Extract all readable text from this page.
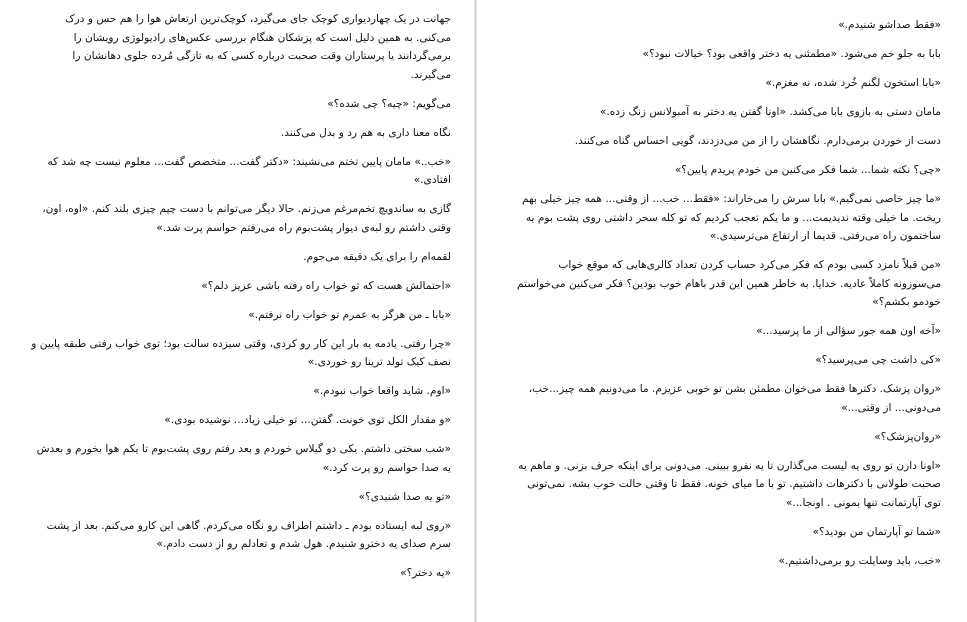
جهانت در یک چهاردیواری کوچک جای می‌گیرد، کوچک‌ترین ارتعاش هوا را هم حس و درک می‌کنی. به همین دلیل است که پزشکان هنگام بررسی عکس‌های رادیولوژی رویشان را برمی‌گردانند یا پرستاران وقت صحبت درباره کسی که به تازگی مُرده جلوی دهانشان را می‌گیرند.

می‌گویم: «چیه؟ چی شده؟»

نگاه معنا داری به هم رد و بدل می‌کنند.

«خب..» مامان پایین تختم می‌نشیند: «دکتر گفت... متخصص گفت... معلوم نیست چه شد که افتادی.»

گازی به ساندویچ تخم‌مرغم می‌زنم. حالا دیگر می‌توانم با دست چپم چیزی بلند کنم. «اوه، اون، وقتی داشتم رو لبه‌ی دیوار پشت‌بوم راه می‌رفتم حواسم پرت شد.»

لقمه‌ام را برای یک دقیقه می‌جوم.

«احتمالش هست که تو خواب راه رفته باشی عزیز دلم؟»

«بابا ـ من هرگز به عمرم تو خواب راه نرفتم.»

«چرا رفتی. یادمه یه بار این کار رو کردی، وقتی سیزده سالت بود؛ توی خواب رفتی طبقه پایین و نصف کیک تولد ترینا رو خوردی.»

«اوم. شاید واقعا خواب نبودم.»

«و مقدار الکل توی خونت. گفتن... تو خیلی زیاد... نوشیده بودی.»

«شب سختی داشتم. یکی دو گیلاس خوردم و بعد رفتم روی پشت‌بوم تا یکم هوا بخورم و بعدش یه صدا حواسم رو پرت کرد.»

«تو یه صدا شنیدی؟»

«روی لبه ایستاده بودم ـ داشتم اطراف رو نگاه می‌کردم. گاهی این کارو می‌کنم. بعد از پشت سرم صدای یه دخترو شنیدم. هول شدم و تعادلم رو از دست دادم.»

«یه دختر؟»

«فقط صداشو شنیدم.»

بابا به جلو خم می‌شود. «مطمئنی یه دختر واقعی بود؟ خیالات نبود؟»

«بابا استخون لگنم خُرد شده، نه مغزم.»

مامان دستی به بازوی بابا می‌کشد. «اونا گفتن یه دختر به آمبولانس زنگ زده.»

دست از خوردن برمی‌دارم. نگاهشان را از من می‌دزدند، گویی احساس گناه می‌کنند.

«چی؟ نکته شما... شما فکر می‌کنین من خودم پریدم پایین؟»

«ما چیز خاصی نمی‌گیم.» بابا سرش را می‌خاراند: «فقط... خب... از وقتی... همه چیز خیلی بهم ریخت. ما خیلی وقته ندیدیمت... و ما یکم تعجب کردیم که تو کله سحر داشتی روی پشت بوم یه ساختمون راه می‌رفتی. قدیما از ارتفاع می‌ترسیدی.»

«من قبلاً نامزد کسی بودم که فکر می‌کرد حساب کردن تعداد کالری‌هایی که موقع خواب می‌سوزونه کاملاً عادیه. خدایا. به خاطر همین این قدر باهام خوب بودین؟ فکر می‌کنین می‌خواستم خودمو بکشم؟»

«آخه اون همه جور سؤالی از ما پرسید...»

«کی داشت چی می‌پرسید؟»

«روان پزشک. دکترها فقط می‌خوان مطمئن بشن تو خوبی عزیزم. ما می‌دونیم همه چیز...خب، می‌دونی... از وقتی...»

«روان‌پزشک؟»

«اونا دارن تو روی یه لیست می‌گذارن تا یه نفرو ببینی. می‌دونی برای اینکه حرف بزنی. و ماهم یه صحبت طولانی با دکترهات داشتیم. تو با ما میای خونه. فقط تا وقتی حالت خوب بشه. نمی‌تونی توی آپارتمانت تنها بمونی . اونجا...»

«شما تو آپارتمان من بودید؟»

«خب، باید وسایلت رو برمی‌داشتیم.»
